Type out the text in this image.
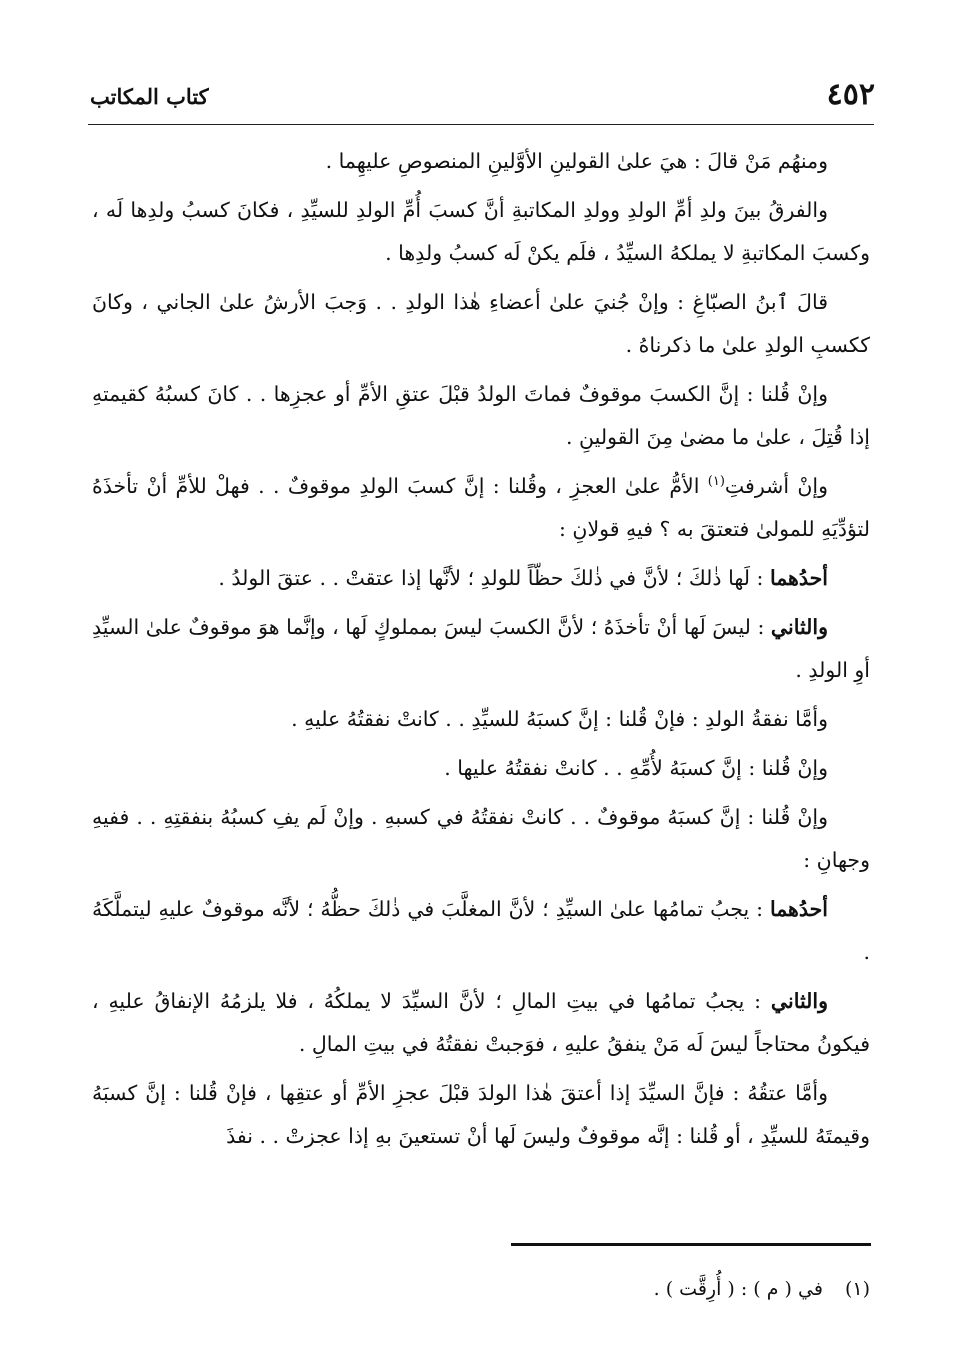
٤٥٢
كتاب المكاتب

ومنهُم مَنْ قالَ : هيَ علىٰ القولينِ الأوَّلينِ المنصوصِ عليهِما .

والفرقُ بينَ ولدِ أمِّ الولدِ وولدِ المكاتبةِ أنَّ كسبَ أُمِّ الولدِ للسيِّدِ ، فكانَ كسبُ ولدِها لَه ، وكسبَ المكاتبةِ لا يملكهُ السيِّدُ ، فلَم يكنْ لَه كسبُ ولدِها .

قالَ ٱبنُ الصبّاغِ : وإنْ جُنيَ علىٰ أعضاءِ هٰذا الولدِ . . وَجبَ الأرشُ علىٰ الجاني ، وكانَ ككسبِ الولدِ علىٰ ما ذكرناهُ .

وإنْ قُلنا : إنَّ الكسبَ موقوفٌ فماتَ الولدُ قبْلَ عتقِ الأمِّ أو عجزِها . . كانَ كسبُهُ كقيمتهِ إذا قُتِلَ ، علىٰ ما مضىٰ مِنَ القولينِ .

وإنْ أشرفتِ$^{(١)}$ الأمُّ علىٰ العجزِ ، وقُلنا : إنَّ كسبَ الولدِ موقوفٌ . . فهلْ للأمِّ أنْ تأخذَهُ لتؤدِّيَهِ للمولىٰ فتعتقَ به ؟ فيهِ قولانِ :

أحدُهما : لَها ذٰلكَ ؛ لأنَّ في ذٰلكَ حظّاً للولدِ ؛ لأنَّها إذا عتقتْ . . عتقَ الولدُ .

والثاني : ليسَ لَها أنْ تأخذَهُ ؛ لأنَّ الكسبَ ليسَ بمملوكٍ لَها ، وإنَّما هوَ موقوفٌ علىٰ السيِّدِ أوِ الولدِ .

وأمَّا نفقةُ الولدِ : فإنْ قُلنا : إنَّ كسبَهُ للسيِّدِ . . كانتْ نفقتُهُ عليهِ .

وإنْ قُلنا : إنَّ كسبَهُ لأُمِّهِ . . كانتْ نفقتُهُ عليها .

وإنْ قُلنا : إنَّ كسبَهُ موقوفٌ . . كانتْ نفقتُهُ في كسبهِ . وإنْ لَم يفِ كسبُهُ بنفقتِهِ . . ففيهِ وجهانِ :

أحدُهما : يجبُ تمامُها علىٰ السيِّدِ ؛ لأنَّ المغلَّبَ في ذٰلكَ حظُّهُ ؛ لأنَّه موقوفٌ عليهِ ليتملَّكَهُ .

والثاني : يجبُ تمامُها في بيتِ المالِ ؛ لأنَّ السيِّدَ لا يملكُهُ ، فلا يلزمُهُ الإنفاقُ عليهِ ، فيكونُ محتاجاً ليسَ لَه مَنْ ينفقُ عليهِ ، فوَجبتْ نفقتُهُ في بيتِ المالِ .

وأمَّا عتقُهُ : فإنَّ السيِّدَ إذا أعتقَ هٰذا الولدَ قبْلَ عجزِ الأمِّ أو عتقِها ، فإنْ قُلنا : إنَّ كسبَهُ وقيمتَهُ للسيِّدِ ، أو قُلنا : إنَّه موقوفٌ وليسَ لَها أنْ تستعينَ بهِ إذا عجزتْ . . نفذَ

(١)في ( م ) : ( أُرِقَّت ) .
